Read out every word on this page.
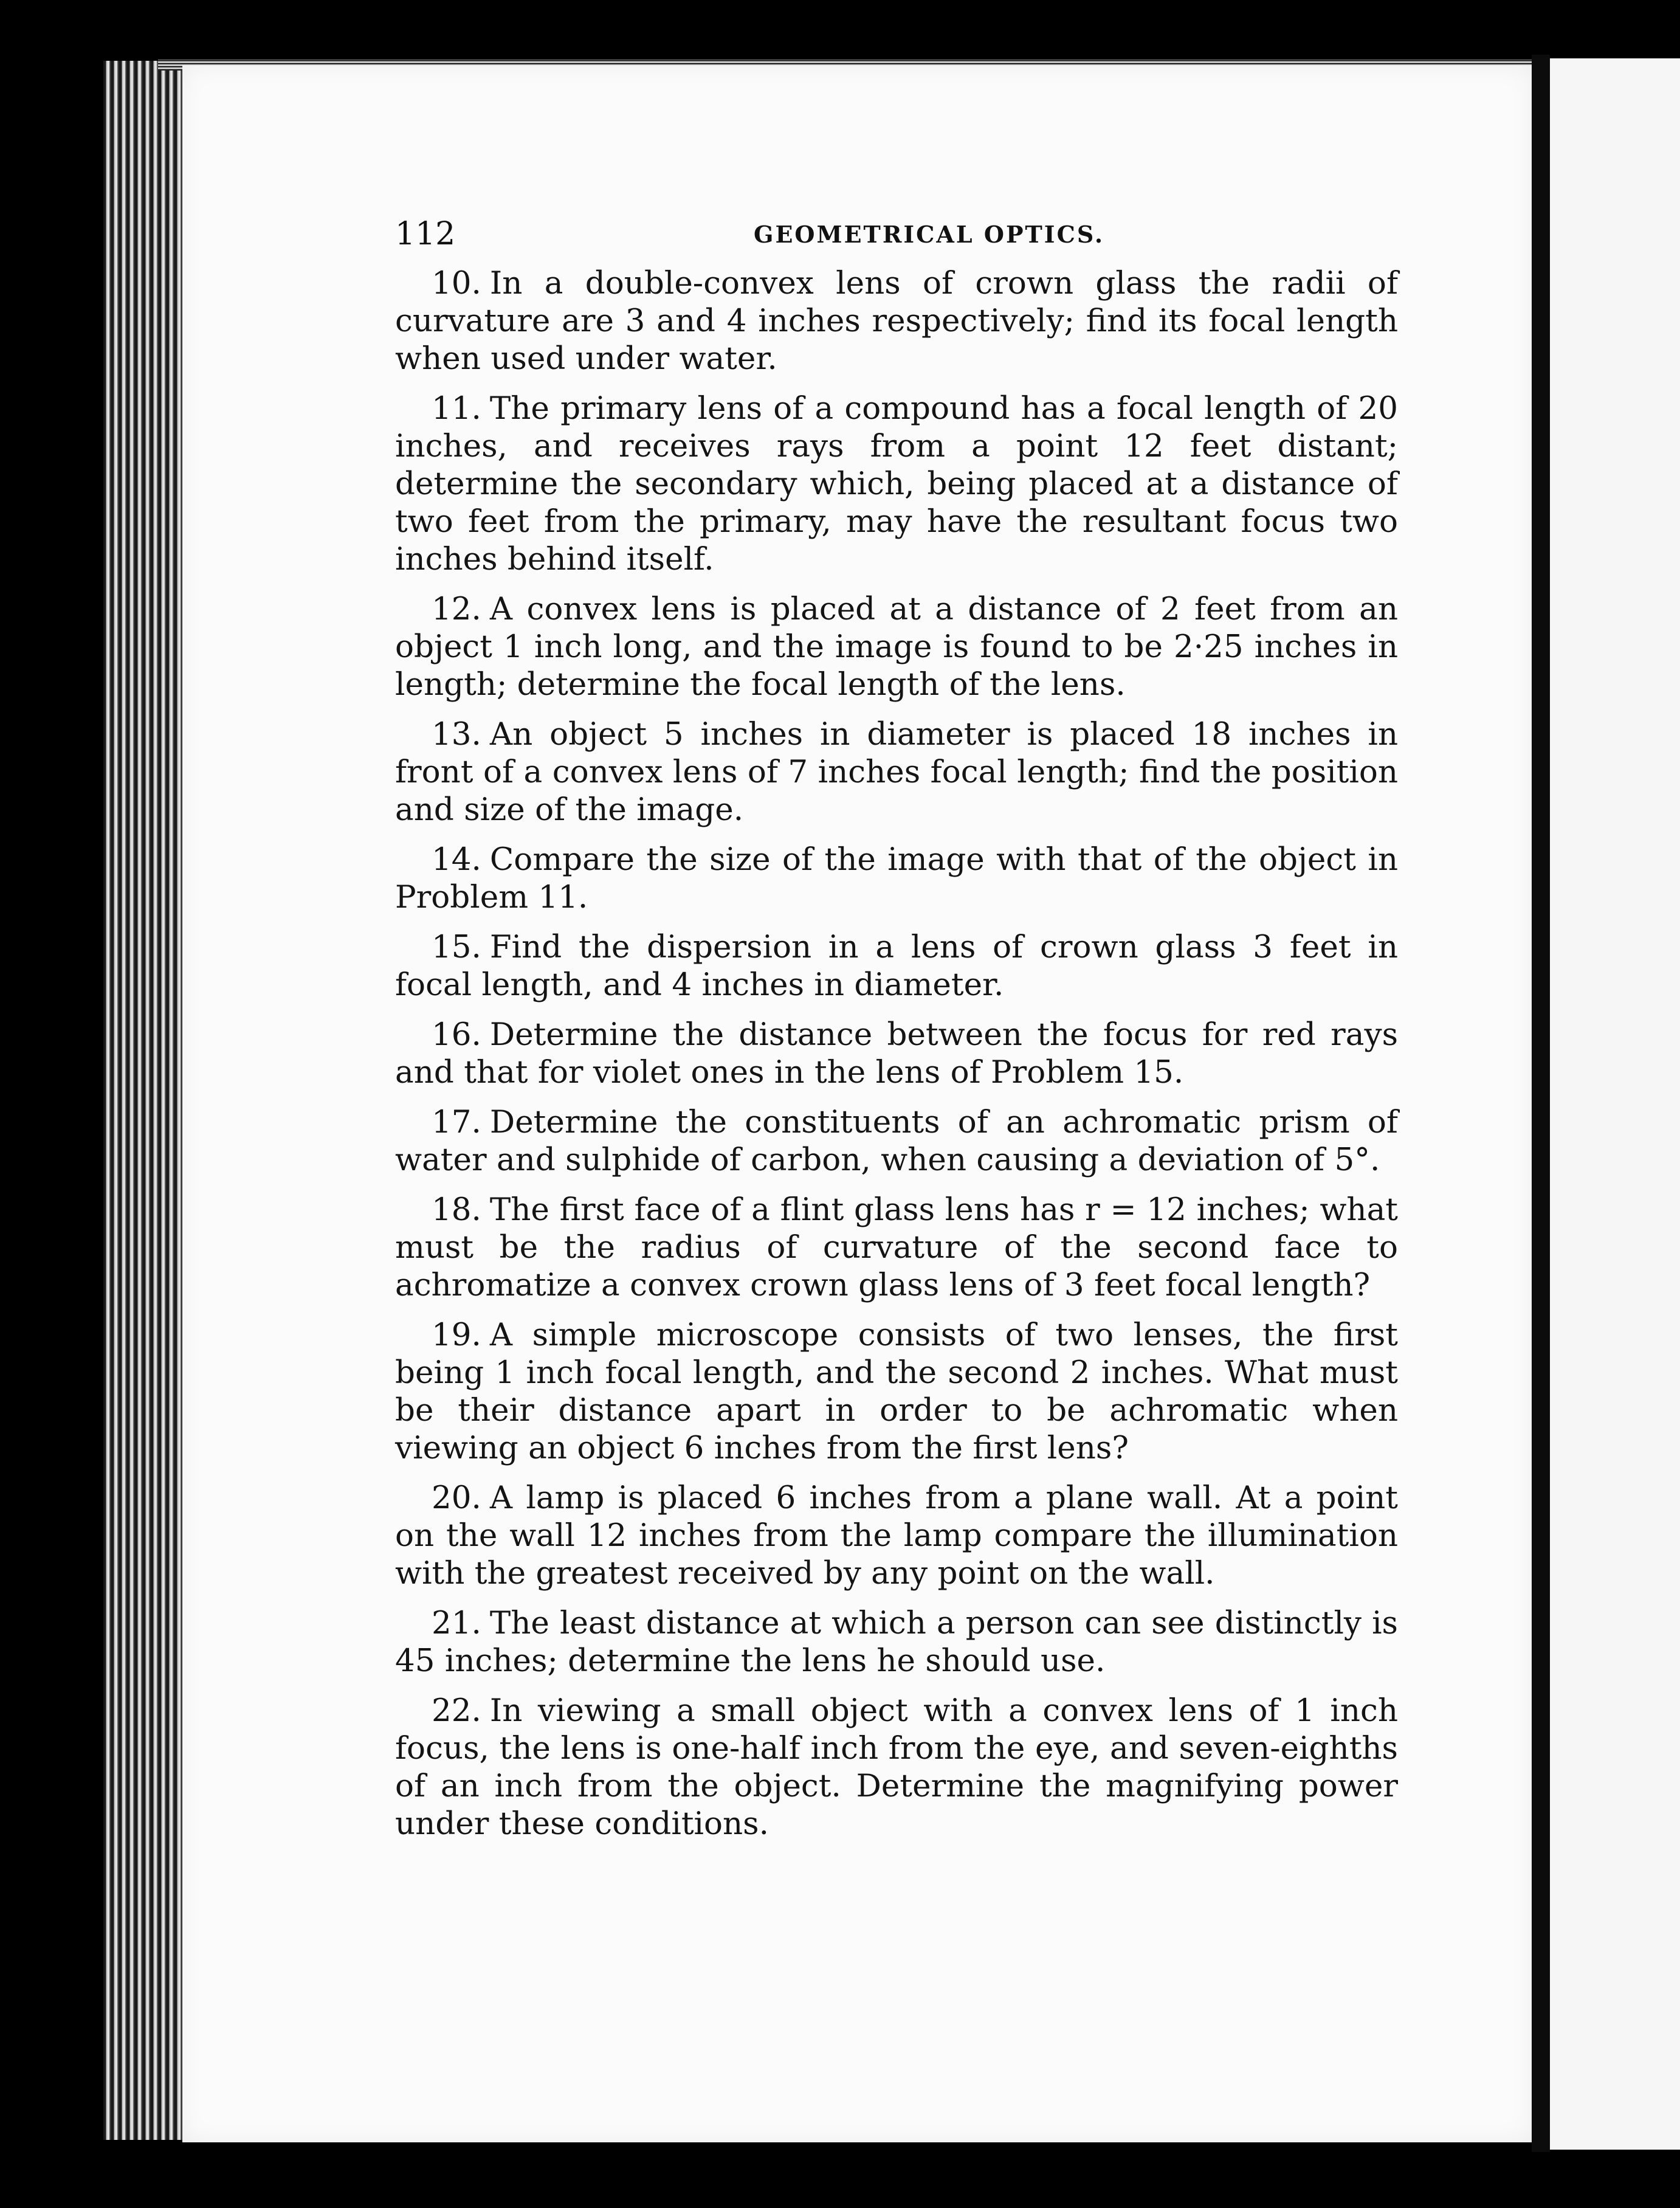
112	GEOMETRICAL OPTICS.

10. In a double-convex lens of crown glass the radii of curvature are 3 and 4 inches respectively; find its focal length when used under water.

11. The primary lens of a compound has a focal length of 20 inches, and receives rays from a point 12 feet distant; determine the secondary which, being placed at a distance of two feet from the primary, may have the resultant focus two inches behind itself.

12. A convex lens is placed at a distance of 2 feet from an object 1 inch long, and the image is found to be 2·25 inches in length; determine the focal length of the lens.

13. An object 5 inches in diameter is placed 18 inches in front of a convex lens of 7 inches focal length; find the position and size of the image.

14. Compare the size of the image with that of the object in Problem 11.

15. Find the dispersion in a lens of crown glass 3 feet in focal length, and 4 inches in diameter.

16. Determine the distance between the focus for red rays and that for violet ones in the lens of Problem 15.

17. Determine the constituents of an achromatic prism of water and sulphide of carbon, when causing a deviation of 5°.

18. The first face of a flint glass lens has r = 12 inches; what must be the radius of curvature of the second face to achromatize a convex crown glass lens of 3 feet focal length?

19. A simple microscope consists of two lenses, the first being 1 inch focal length, and the second 2 inches. What must be their distance apart in order to be achromatic when viewing an object 6 inches from the first lens?

20. A lamp is placed 6 inches from a plane wall. At a point on the wall 12 inches from the lamp compare the illumination with the greatest received by any point on the wall.

21. The least distance at which a person can see distinctly is 45 inches; determine the lens he should use.

22. In viewing a small object with a convex lens of 1 inch focus, the lens is one-half inch from the eye, and seven-eighths of an inch from the object. Determine the magnifying power under these conditions.
